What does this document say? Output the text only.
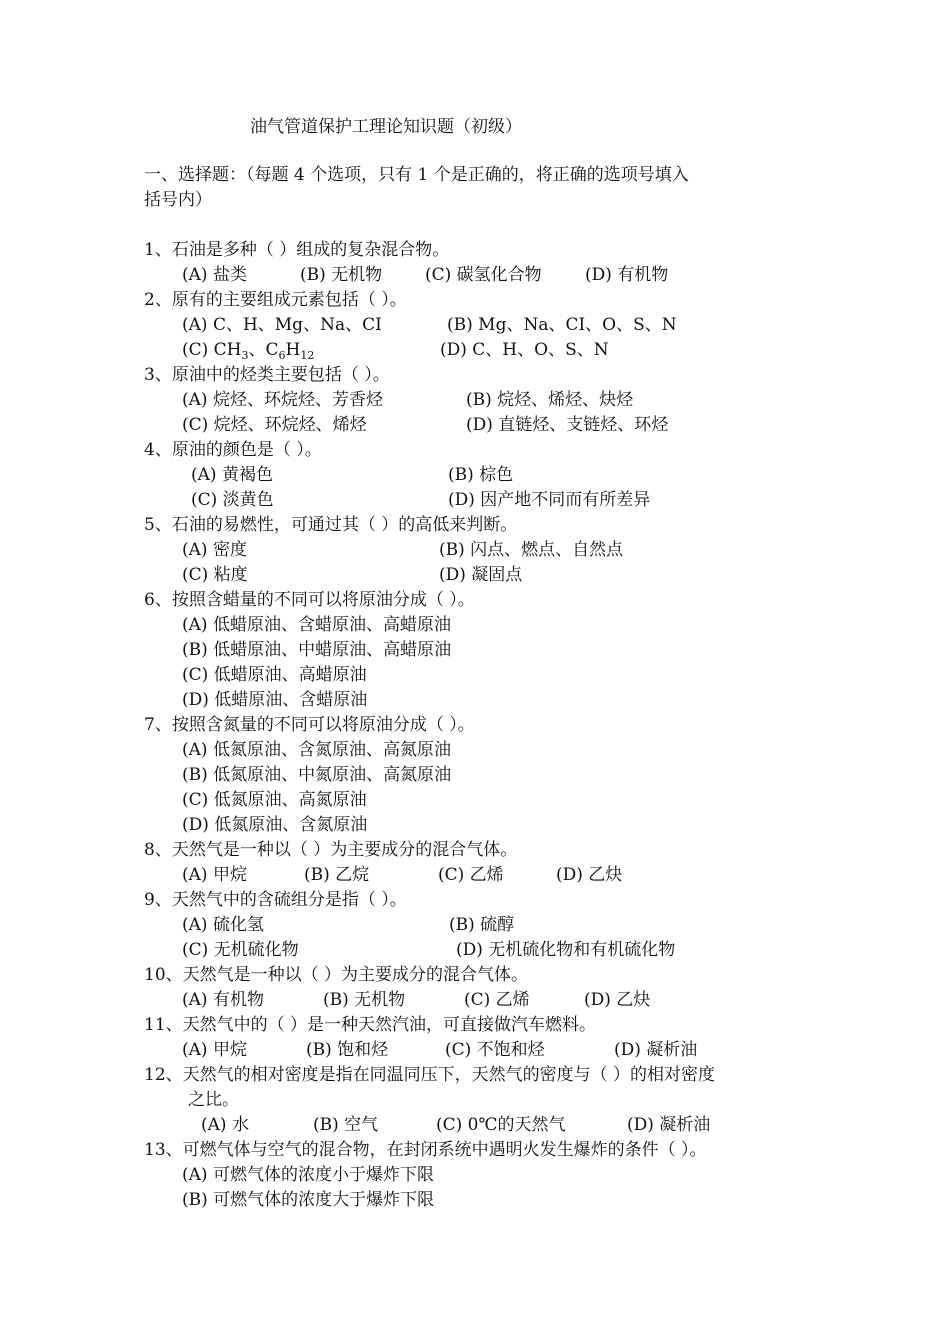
油气管道保护工理论知识题（初级）
一、选择题：（每题 4 个选项，只有 1 个是正确的，将正确的选项号填入
括号内）
1、石油是多种（ ）组成的复杂混合物。
(A) 盐类	(B) 无机物	(C) 碳氢化合物	(D) 有机物
2、原有的主要组成元素包括（ ）。
(A) C、H、Mg、Na、CI	(B) Mg、Na、CI、O、S、N
(C) $CH_3$、$C_6H_{12}$	(D) C、H、O、S、N
3、原油中的烃类主要包括（ ）。
(A) 烷烃、环烷烃、芳香烃	(B) 烷烃、烯烃、炔烃
(C) 烷烃、环烷烃、烯烃	(D) 直链烃、支链烃、环烃
4、原油的颜色是（ ）。
(A) 黄褐色	(B) 棕色
(C) 淡黄色	(D) 因产地不同而有所差异
5、石油的易燃性，可通过其（ ）的高低来判断。
(A) 密度	(B) 闪点、燃点、自然点
(C) 粘度	(D) 凝固点
6、按照含蜡量的不同可以将原油分成（ ）。
(A) 低蜡原油、含蜡原油、高蜡原油
(B) 低蜡原油、中蜡原油、高蜡原油
(C) 低蜡原油、高蜡原油
(D) 低蜡原油、含蜡原油
7、按照含氮量的不同可以将原油分成（ ）。
(A) 低氮原油、含氮原油、高氮原油
(B) 低氮原油、中氮原油、高氮原油
(C) 低氮原油、高氮原油
(D) 低氮原油、含氮原油
8、天然气是一种以（ ）为主要成分的混合气体。
(A) 甲烷	(B) 乙烷	(C) 乙烯	(D) 乙炔
9、天然气中的含硫组分是指（ ）。
(A) 硫化氢	(B) 硫醇
(C) 无机硫化物	(D) 无机硫化物和有机硫化物
10、天然气是一种以（ ）为主要成分的混合气体。
(A) 有机物	(B) 无机物	(C) 乙烯	(D) 乙炔
11、天然气中的（ ）是一种天然汽油，可直接做汽车燃料。
(A) 甲烷	(B) 饱和烃	(C) 不饱和烃	(D) 凝析油
12、天然气的相对密度是指在同温同压下，天然气的密度与（ ）的相对密度
之比。
(A) 水	(B) 空气	(C) 0℃的天然气	(D) 凝析油
13、可燃气体与空气的混合物，在封闭系统中遇明火发生爆炸的条件（ ）。
(A) 可燃气体的浓度小于爆炸下限
(B) 可燃气体的浓度大于爆炸下限
